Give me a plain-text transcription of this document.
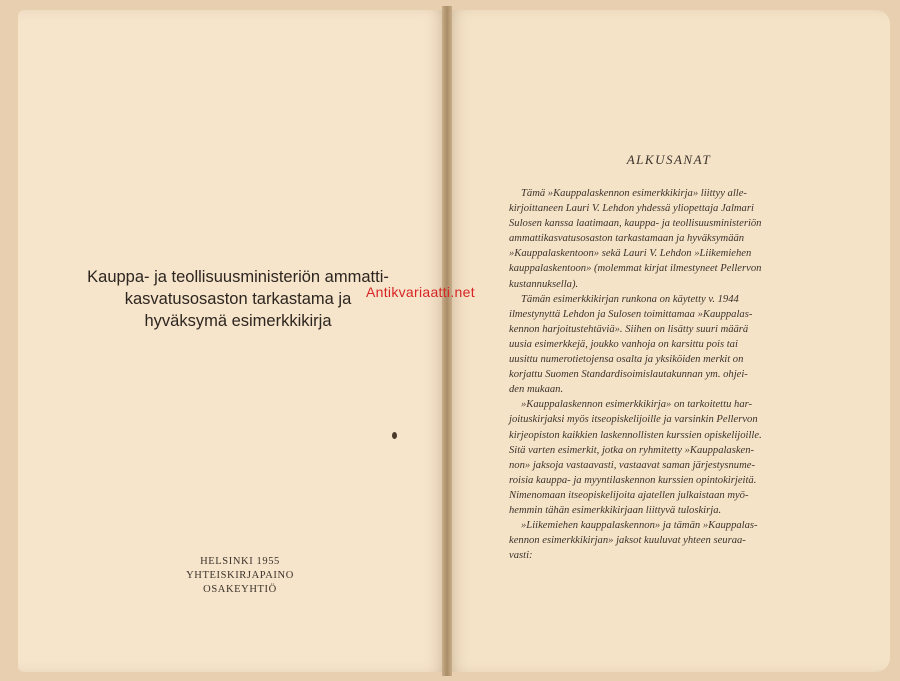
Kauppa- ja teollisuusministeriön ammatti-
kasvatusosaston tarkastama ja
hyväksymä esimerkkikirja
HELSINKI 1955
YHTEISKIRJAPAINO
OSAKEYHTIÖ
ALKUSANAT
Tämä »Kauppalaskennon esimerkkikirja» liittyy alle-
kirjoittaneen Lauri V. Lehdon yhdessä yliopettaja Jalmari
Sulosen kanssa laatimaan, kauppa- ja teollisuusministeriön
ammattikasvatusosaston tarkastamaan ja hyväksymään
»Kauppalaskentoon» sekä Lauri V. Lehdon »Liikemiehen
kauppalaskentoon» (molemmat kirjat ilmestyneet Pellervon
kustannuksella).
Tämän esimerkkikirjan runkona on käytetty v. 1944
ilmestynyttä Lehdon ja Sulosen toimittamaa »Kauppalas-
kennon harjoitustehtäviä». Siihen on lisätty suuri määrä
uusia esimerkkejä, joukko vanhoja on karsittu pois tai
uusittu numerotietojensa osalta ja yksiköiden merkit on
korjattu Suomen Standardisoimislautakunnan ym. ohjei-
den mukaan.
»Kauppalaskennon esimerkkikirja» on tarkoitettu har-
joituskirjaksi myös itseopiskelijoille ja varsinkin Pellervon
kirjeopiston kaikkien laskennollisten kurssien opiskelijoille.
Sitä varten esimerkit, jotka on ryhmitetty »Kauppalasken-
non» jaksoja vastaavasti, vastaavat saman järjestysnume-
roisia kauppa- ja myyntilaskennon kurssien opintokirjeitä.
Nimenomaan itseopiskelijoita ajatellen julkaistaan myö-
hemmin tähän esimerkkikirjaan liittyvä tuloskirja.
»Liikemiehen kauppalaskennon» ja tämän »Kauppalas-
kennon esimerkkikirjan» jaksot kuuluvat yhteen seuraa-
vasti:
Antikvariaatti.net
